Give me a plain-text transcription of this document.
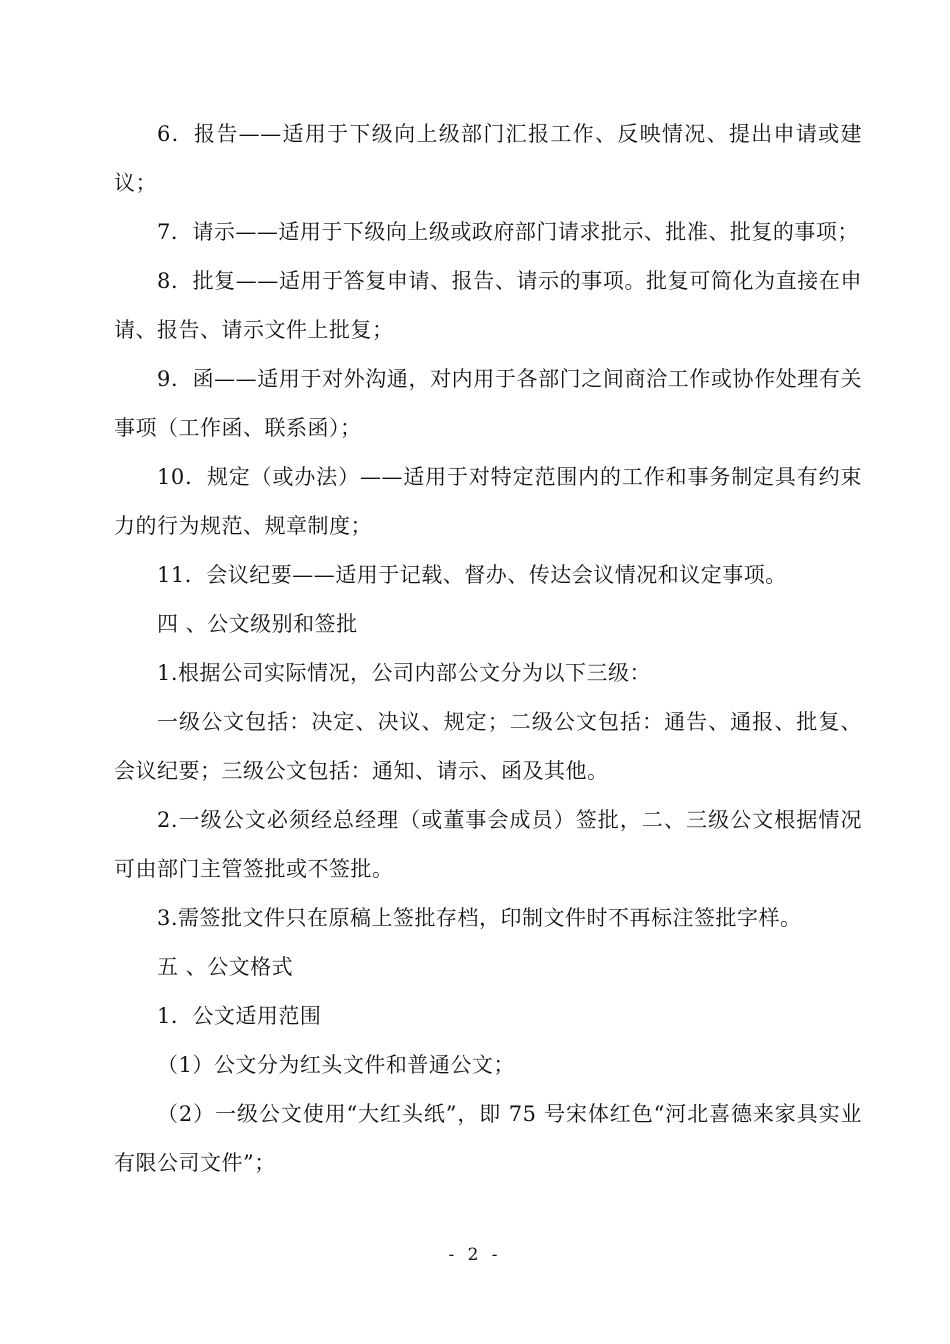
6．报告——适用于下级向上级部门汇报工作、反映情况、提出申请或建议；

7．请示——适用于下级向上级或政府部门请求批示、批准、批复的事项；

8．批复——适用于答复申请、报告、请示的事项。批复可简化为直接在申请、报告、请示文件上批复；

9．函——适用于对外沟通，对内用于各部门之间商洽工作或协作处理有关事项（工作函、联系函）；

10．规定（或办法）——适用于对特定范围内的工作和事务制定具有约束力的行为规范、规章制度；

11．会议纪要——适用于记载、督办、传达会议情况和议定事项。

四 、公文级别和签批

1.根据公司实际情况，公司内部公文分为以下三级：

一级公文包括：决定、决议、规定；二级公文包括：通告、通报、批复、会议纪要；三级公文包括：通知、请示、函及其他。

2.一级公文必须经总经理（或董事会成员）签批，二、三级公文根据情况可由部门主管签批或不签批。

3.需签批文件只在原稿上签批存档，印制文件时不再标注签批字样。

五 、公文格式

1．公文适用范围

（1）公文分为红头文件和普通公文；

（2）一级公文使用“大红头纸”，即 75 号宋体红色“河北喜德来家具实业有限公司文件”；

- 2 -
